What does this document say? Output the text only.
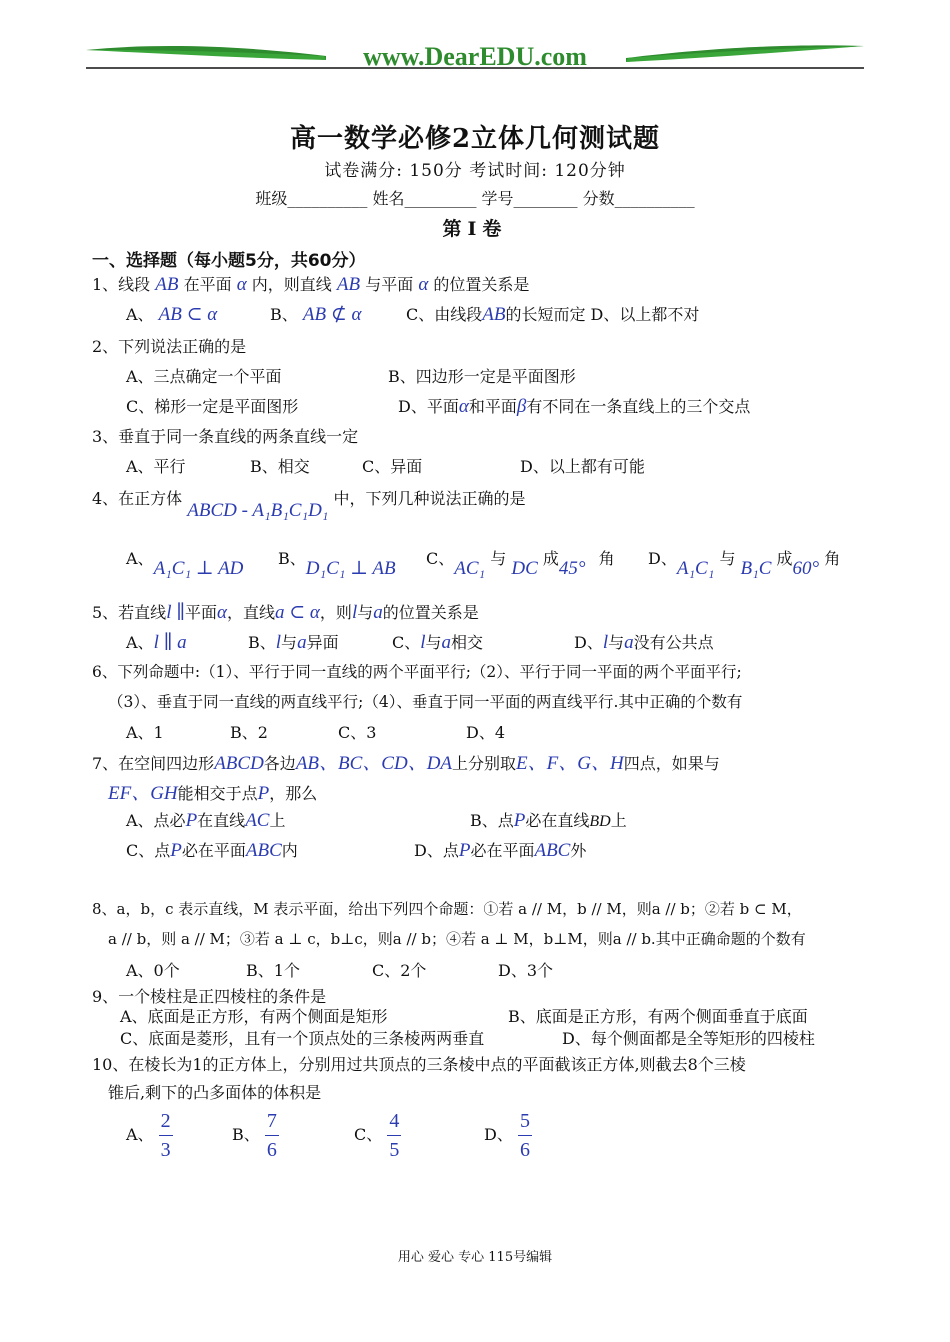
www.DearEDU.com
高一数学必修2立体几何测试题
试卷满分: 150分 考试时间: 120分钟
班级__________ 姓名_________ 学号________ 分数__________
第Ⅰ卷
一、选择题（每小题5分，共60分）
1、线段 AB 在平面 α 内，则直线 AB 与平面 α 的位置关系是
A、 AB ⊂ α	B、 AB ⊄ α	C、由线段AB的长短而定 D、以上都不对
2、下列说法正确的是
A、三点确定一个平面	B、四边形一定是平面图形
C、梯形一定是平面图形	D、平面α和平面β有不同在一条直线上的三个交点
3、垂直于同一条直线的两条直线一定
A、平行	B、相交	C、异面	D、以上都有可能
4、在正方体 ABCD - A₁B₁C₁D₁ 中，下列几种说法正确的是
A、A₁C₁ ⊥ AD B、D₁C₁ ⊥ AB C、AC₁ 与 DC 成45° 角 D、A₁C₁ 与 B₁C 成60° 角
5、若直线l ∥平面α，直线a ⊂ α，则l与a的位置关系是
A、l ∥ a	B、l与a异面	C、l与a相交	D、l与a没有公共点
6、下列命题中:（1）、平行于同一直线的两个平面平行;（2）、平行于同一平面的两个平面平行;
（3）、垂直于同一直线的两直线平行;（4）、垂直于同一平面的两直线平行.其中正确的个数有
A、1	B、2	C、3	D、4
7、在空间四边形ABCD各边AB、BC、CD、DA上分别取E、F、G、H四点，如果与
EF、GH能相交于点P，那么
A、点必P在直线AC上	B、点P必在直线BD上
C、点P必在平面ABC内	D、点P必在平面ABC外
8、a，b，c 表示直线，M 表示平面，给出下列四个命题：①若 a // M，b // M，则a // b；②若 b ⊂ M，
a // b，则 a // M；③若 a ⊥ c，b⊥c，则a // b；④若 a ⊥ M，b⊥M，则a // b.其中正确命题的个数有
A、0个	B、1个	C、2个	D、3个
9、一个棱柱是正四棱柱的条件是
A、底面是正方形，有两个侧面是矩形	B、底面是正方形，有两个侧面垂直于底面
C、底面是菱形，且有一个顶点处的三条棱两两垂直	D、每个侧面都是全等矩形的四棱柱
10、在棱长为1的正方体上，分别用过共顶点的三条棱中点的平面截该正方体,则截去8个三棱
锥后,剩下的凸多面体的体积是
A、 $\frac{2}{3}$	B、 $\frac{7}{6}$	C、 $\frac{4}{5}$	D、 $\frac{5}{6}$
用心 爱心 专心 115号编辑
